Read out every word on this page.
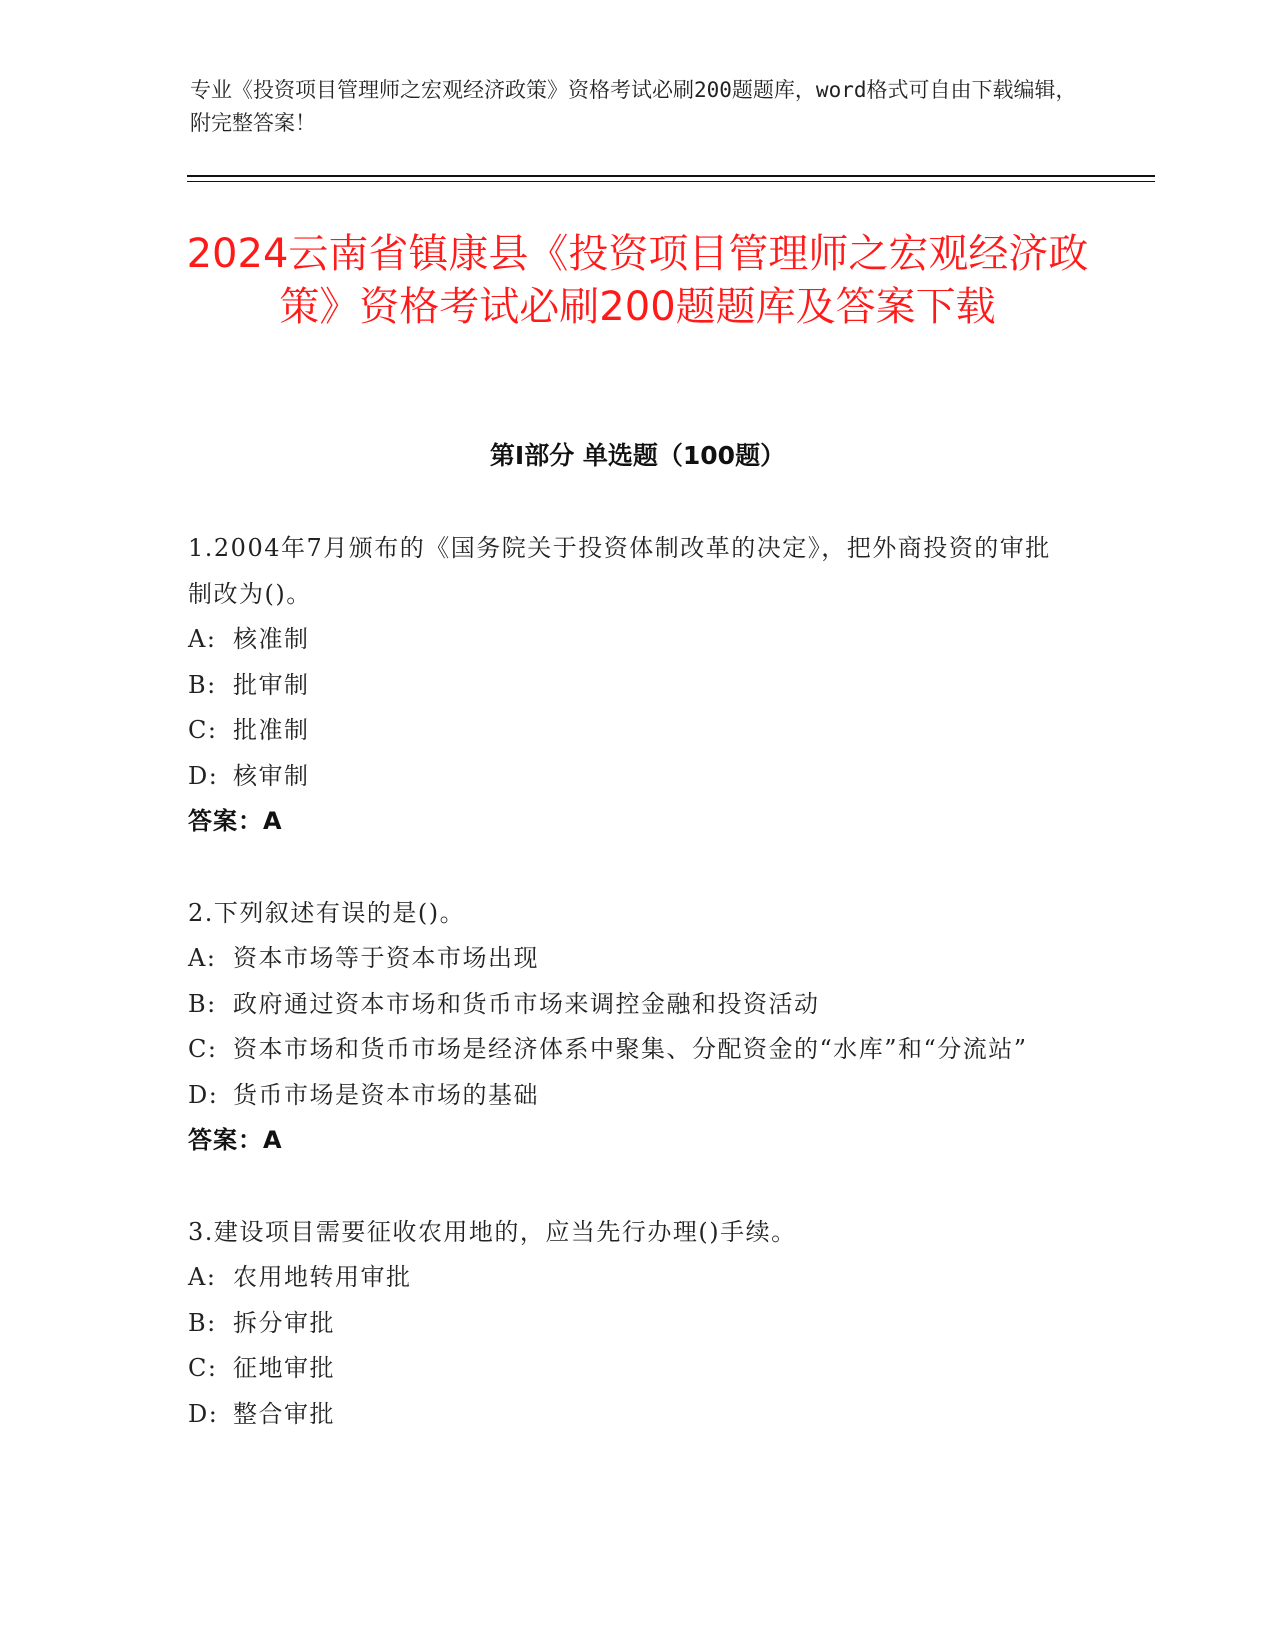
专业《投资项目管理师之宏观经济政策》资格考试必刷200题题库，word格式可自由下载编辑，附完整答案！

2024云南省镇康县《投资项目管理师之宏观经济政策》资格考试必刷200题题库及答案下载
第Ⅰ部分 单选题（100题）

1.2004年7月颁布的《国务院关于投资体制改革的决定》，把外商投资的审批制改为()。

A: 核准制

B: 批审制

C: 批准制

D: 核审制

答案：A

2.下列叙述有误的是()。

A: 资本市场等于资本市场出现

B: 政府通过资本市场和货币市场来调控金融和投资活动

C: 资本市场和货币市场是经济体系中聚集、分配资金的“水库”和“分流站”

D: 货币市场是资本市场的基础

答案：A

3.建设项目需要征收农用地的，应当先行办理()手续。

A: 农用地转用审批

B: 拆分审批

C: 征地审批

D: 整合审批
